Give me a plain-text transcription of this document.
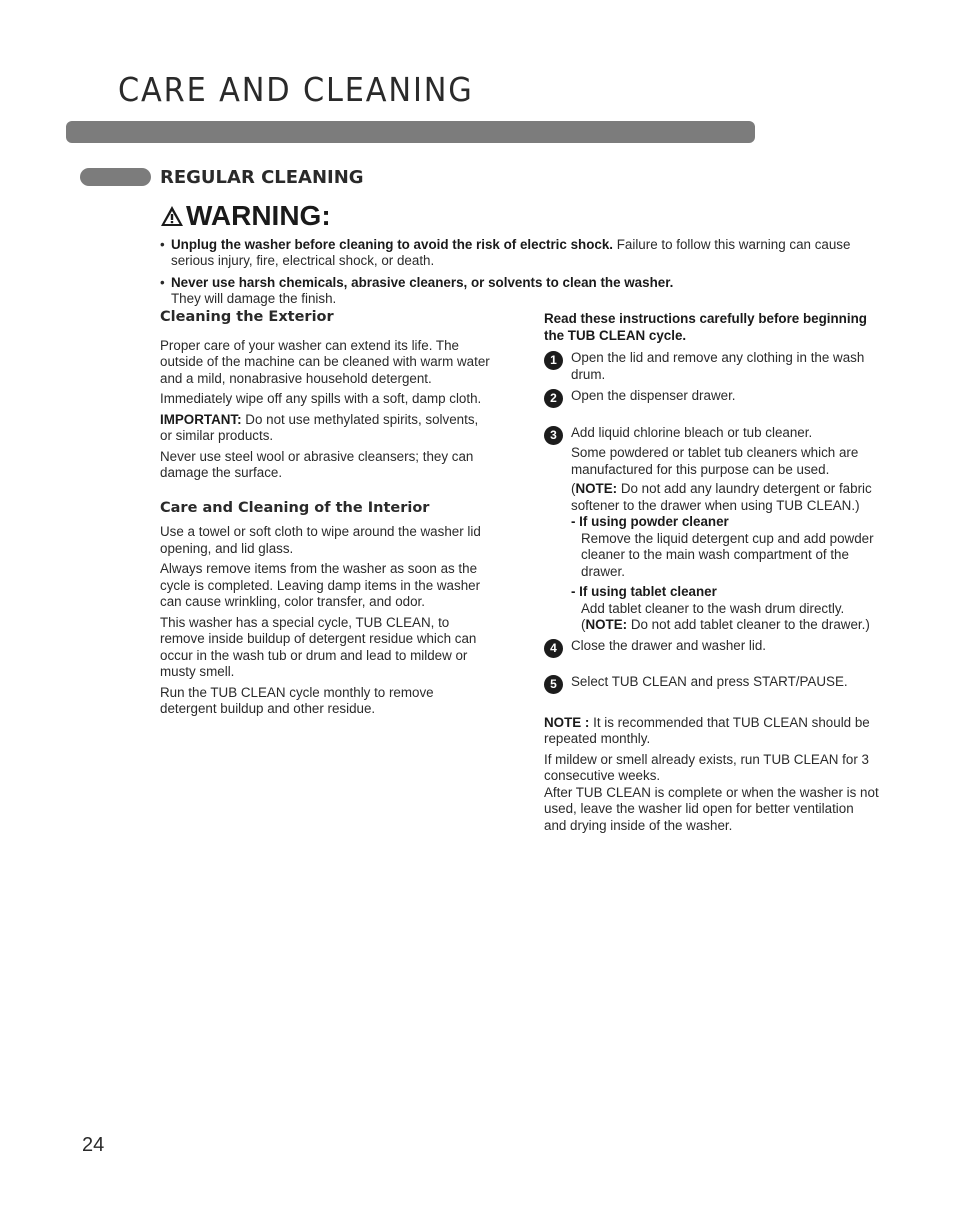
CARE AND CLEANING
REGULAR CLEANING
WARNING:
• Unplug the washer before cleaning to avoid the risk of electric shock. Failure to follow this warning can cause serious injury, fire, electrical shock, or death.
• Never use harsh chemicals, abrasive cleaners, or solvents to clean the washer.
They will damage the finish.
Cleaning the Exterior

Proper care of your washer can extend its life. The outside of the machine can be cleaned with warm water and a mild, nonabrasive household detergent.

Immediately wipe off any spills with a soft, damp cloth.

IMPORTANT: Do not use methylated spirits, solvents, or similar products.

Never use steel wool or abrasive cleansers; they can damage the surface.

Care and Cleaning of the Interior

Use a towel or soft cloth to wipe around the washer lid opening, and lid glass.

Always remove items from the washer as soon as the cycle is completed. Leaving damp items in the washer can cause wrinkling, color transfer, and odor.

This washer has a special cycle, TUB CLEAN, to remove inside buildup of detergent residue which can occur in the wash tub or drum and lead to mildew or musty smell.

Run the TUB CLEAN cycle monthly to remove detergent buildup and other residue.

Read these instructions carefully before beginning the TUB CLEAN cycle.

1	Open the lid and remove any clothing in the wash drum.
2	Open the dispenser drawer.
3	Add liquid chlorine bleach or tub cleaner.

Some powdered or tablet tub cleaners which are manufactured for this purpose can be used.

(NOTE: Do not add any laundry detergent or fabric softener to the drawer when using TUB CLEAN.)

- If using powder cleaner

Remove the liquid detergent cup and add powder cleaner to the main wash compartment of the drawer.

- If using tablet cleaner

Add tablet cleaner to the wash drum directly.

(NOTE: Do not add tablet cleaner to the drawer.)

4	Close the drawer and washer lid.
5	Select TUB CLEAN and press START/PAUSE.

NOTE : It is recommended that TUB CLEAN should be repeated monthly.

If mildew or smell already exists, run TUB CLEAN for 3 consecutive weeks.

After TUB CLEAN is complete or when the washer is not used, leave the washer lid open for better ventilation and drying inside of the washer.

24
